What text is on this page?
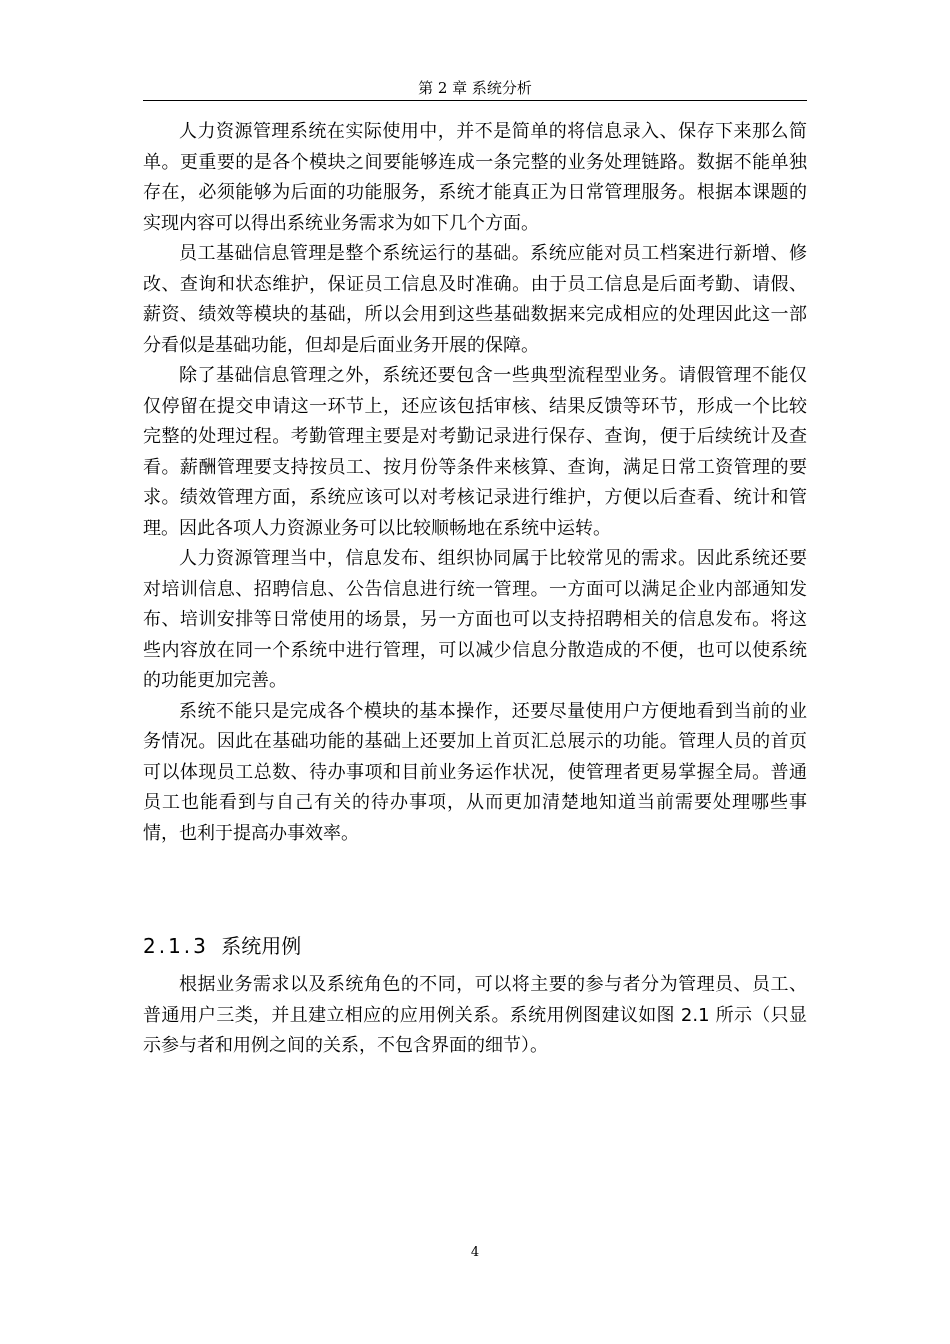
第 2 章 系统分析

人力资源管理系统在实际使用中，并不是简单的将信息录入、保存下来那么简单。更重要的是各个模块之间要能够连成一条完整的业务处理链路。数据不能单独存在，必须能够为后面的功能服务，系统才能真正为日常管理服务。根据本课题的实现内容可以得出系统业务需求为如下几个方面。

员工基础信息管理是整个系统运行的基础。系统应能对员工档案进行新增、修改、查询和状态维护，保证员工信息及时准确。由于员工信息是后面考勤、请假、薪资、绩效等模块的基础，所以会用到这些基础数据来完成相应的处理因此这一部分看似是基础功能，但却是后面业务开展的保障。

除了基础信息管理之外，系统还要包含一些典型流程型业务。请假管理不能仅仅停留在提交申请这一环节上，还应该包括审核、结果反馈等环节，形成一个比较完整的处理过程。考勤管理主要是对考勤记录进行保存、查询，便于后续统计及查看。薪酬管理要支持按员工、按月份等条件来核算、查询，满足日常工资管理的要求。绩效管理方面，系统应该可以对考核记录进行维护，方便以后查看、统计和管理。因此各项人力资源业务可以比较顺畅地在系统中运转。

人力资源管理当中，信息发布、组织协同属于比较常见的需求。因此系统还要对培训信息、招聘信息、公告信息进行统一管理。一方面可以满足企业内部通知发布、培训安排等日常使用的场景，另一方面也可以支持招聘相关的信息发布。将这些内容放在同一个系统中进行管理，可以减少信息分散造成的不便，也可以使系统的功能更加完善。

系统不能只是完成各个模块的基本操作，还要尽量使用户方便地看到当前的业务情况。因此在基础功能的基础上还要加上首页汇总展示的功能。管理人员的首页可以体现员工总数、待办事项和目前业务运作状况，使管理者更易掌握全局。普通员工也能看到与自己有关的待办事项，从而更加清楚地知道当前需要处理哪些事情，也利于提高办事效率。

2.1.3 系统用例

根据业务需求以及系统角色的不同，可以将主要的参与者分为管理员、员工、普通用户三类，并且建立相应的应用例关系。系统用例图建议如图 2.1 所示（只显示参与者和用例之间的关系，不包含界面的细节）。

4
